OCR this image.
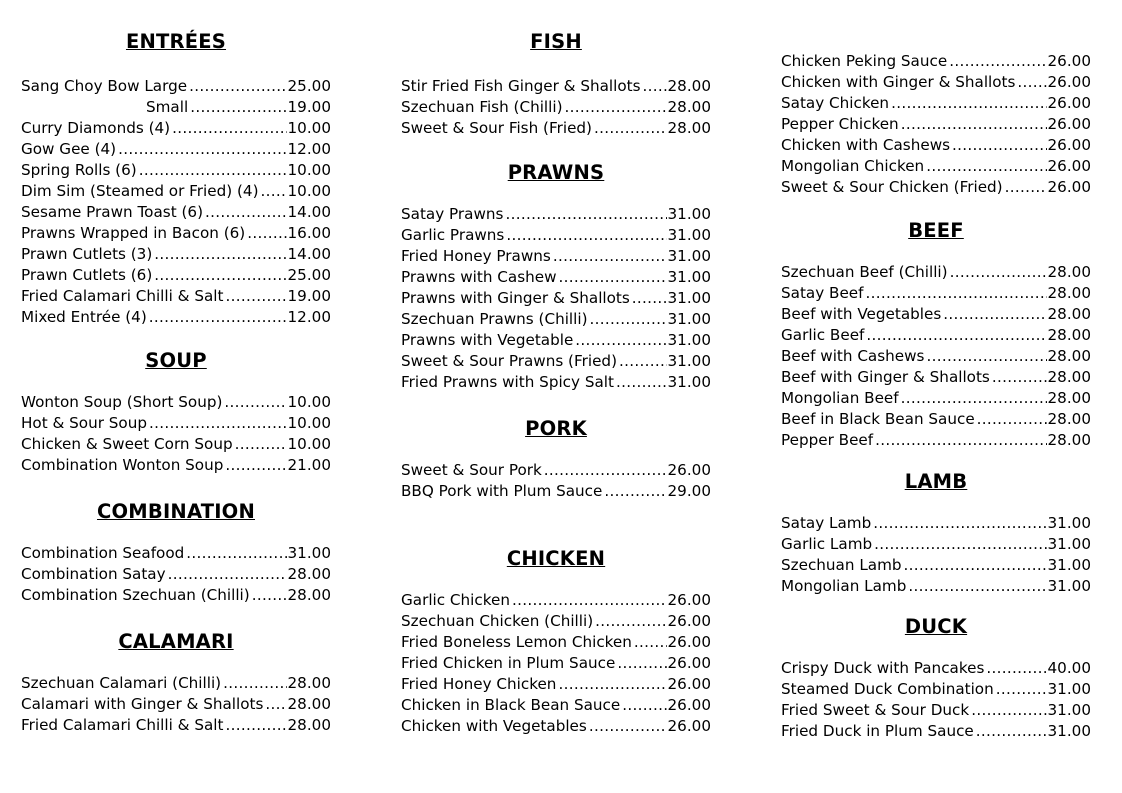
ENTRÉES
Sang Choy Bow Large .....	25.00
Small .....	19.00
Curry Diamonds (4) .....	10.00
Gow Gee (4) .....	12.00
Spring Rolls (6) .....	10.00
Dim Sim (Steamed or Fried) (4) ..... 10.00
Sesame Prawn Toast (6) .....	14.00
Prawns Wrapped in Bacon (6) .....	16.00
Prawn Cutlets (3) .....	14.00
Prawn Cutlets (6) .....	25.00
Fried Calamari Chilli & Salt .....	19.00
Mixed Entrée (4) .....	12.00
SOUP
Wonton Soup (Short Soup) .....	10.00
Hot & Sour Soup .....	10.00
Chicken & Sweet Corn Soup .....	10.00
Combination Wonton Soup .....	21.00
COMBINATION
Combination Seafood .....	31.00
Combination Satay .....	28.00
Combination Szechuan (Chilli) ..... 28.00
CALAMARI
Szechuan Calamari (Chilli) .....	28.00
Calamari with Ginger & Shallots ..... 28.00
Fried Calamari Chilli & Salt .....	28.00
FISH
Stir Fried Fish Ginger & Shallots ..... 28.00
Szechuan Fish (Chilli) .....	28.00
Sweet & Sour Fish (Fried) .....	28.00
PRAWNS
Satay Prawns .....	31.00
Garlic Prawns .....	31.00
Fried Honey Prawns .....	31.00
Prawns with Cashew .....	31.00
Prawns with Ginger & Shallots ..... 31.00
Szechuan Prawns (Chilli) .....	31.00
Prawns with Vegetable .....	31.00
Sweet & Sour Prawns (Fried) .....	31.00
Fried Prawns with Spicy Salt .....	31.00
PORK
Sweet & Sour Pork .....	26.00
BBQ Pork with Plum Sauce .....	29.00
CHICKEN
Garlic Chicken .....	26.00
Szechuan Chicken (Chilli) .....	26.00
Fried Boneless Lemon Chicken ..... 26.00
Fried Chicken in Plum Sauce .....	26.00
Fried Honey Chicken .....	26.00
Chicken in Black Bean Sauce .....	26.00
Chicken with Vegetables .....	26.00
Chicken Peking Sauce .....	26.00
Chicken with Ginger & Shallots ..... 26.00
Satay Chicken .....	26.00
Pepper Chicken .....	26.00
Chicken with Cashews .....	26.00
Mongolian Chicken .....	26.00
Sweet & Sour Chicken (Fried) .....	26.00
BEEF
Szechuan Beef (Chilli) .....	28.00
Satay Beef .....	28.00
Beef with Vegetables .....	28.00
Garlic Beef .....	28.00
Beef with Cashews .....	28.00
Beef with Ginger & Shallots .....	28.00
Mongolian Beef .....	28.00
Beef in Black Bean Sauce .....	28.00
Pepper Beef .....	28.00
LAMB
Satay Lamb .....	31.00
Garlic Lamb .....	31.00
Szechuan Lamb .....	31.00
Mongolian Lamb .....	31.00
DUCK
Crispy Duck with Pancakes .....	40.00
Steamed Duck Combination .....	31.00
Fried Sweet & Sour Duck .....	31.00
Fried Duck in Plum Sauce .....	31.00
